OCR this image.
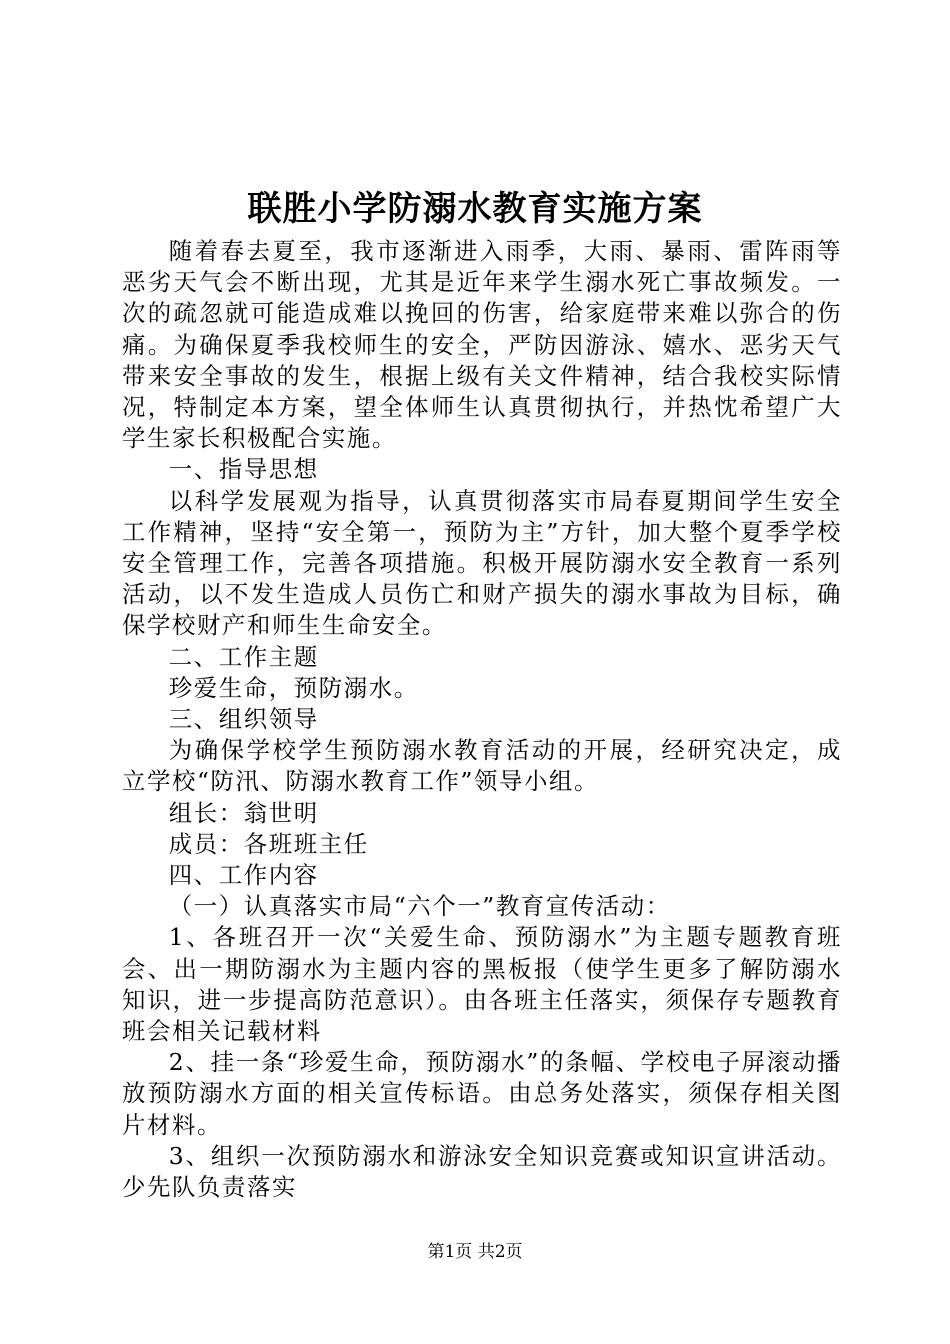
联胜小学防溺水教育实施方案

随着春去夏至，我市逐渐进入雨季，大雨、暴雨、雷阵雨等恶劣天气会不断出现，尤其是近年来学生溺水死亡事故频发。一次的疏忽就可能造成难以挽回的伤害，给家庭带来难以弥合的伤痛。为确保夏季我校师生的安全，严防因游泳、嬉水、恶劣天气带来安全事故的发生，根据上级有关文件精神，结合我校实际情况，特制定本方案，望全体师生认真贯彻执行，并热忱希望广大学生家长积极配合实施。

一、指导思想

以科学发展观为指导，认真贯彻落实市局春夏期间学生安全工作精神，坚持“安全第一，预防为主”方针，加大整个夏季学校安全管理工作，完善各项措施。积极开展防溺水安全教育一系列活动，以不发生造成人员伤亡和财产损失的溺水事故为目标，确保学校财产和师生生命安全。

二、工作主题

珍爱生命，预防溺水。

三、组织领导

为确保学校学生预防溺水教育活动的开展，经研究决定，成立学校“防汛、防溺水教育工作”领导小组。

组长：翁世明

成员：各班班主任

四、工作内容

（一）认真落实市局“六个一”教育宣传活动：

1、各班召开一次“关爱生命、预防溺水”为主题专题教育班会、出一期防溺水为主题内容的黑板报（使学生更多了解防溺水知识，进一步提高防范意识）。由各班主任落实，须保存专题教育班会相关记载材料

2、挂一条“珍爱生命，预防溺水”的条幅、学校电子屏滚动播放预防溺水方面的相关宣传标语。由总务处落实，须保存相关图片材料。

3、组织一次预防溺水和游泳安全知识竞赛或知识宣讲活动。少先队负责落实

第1页 共2页
